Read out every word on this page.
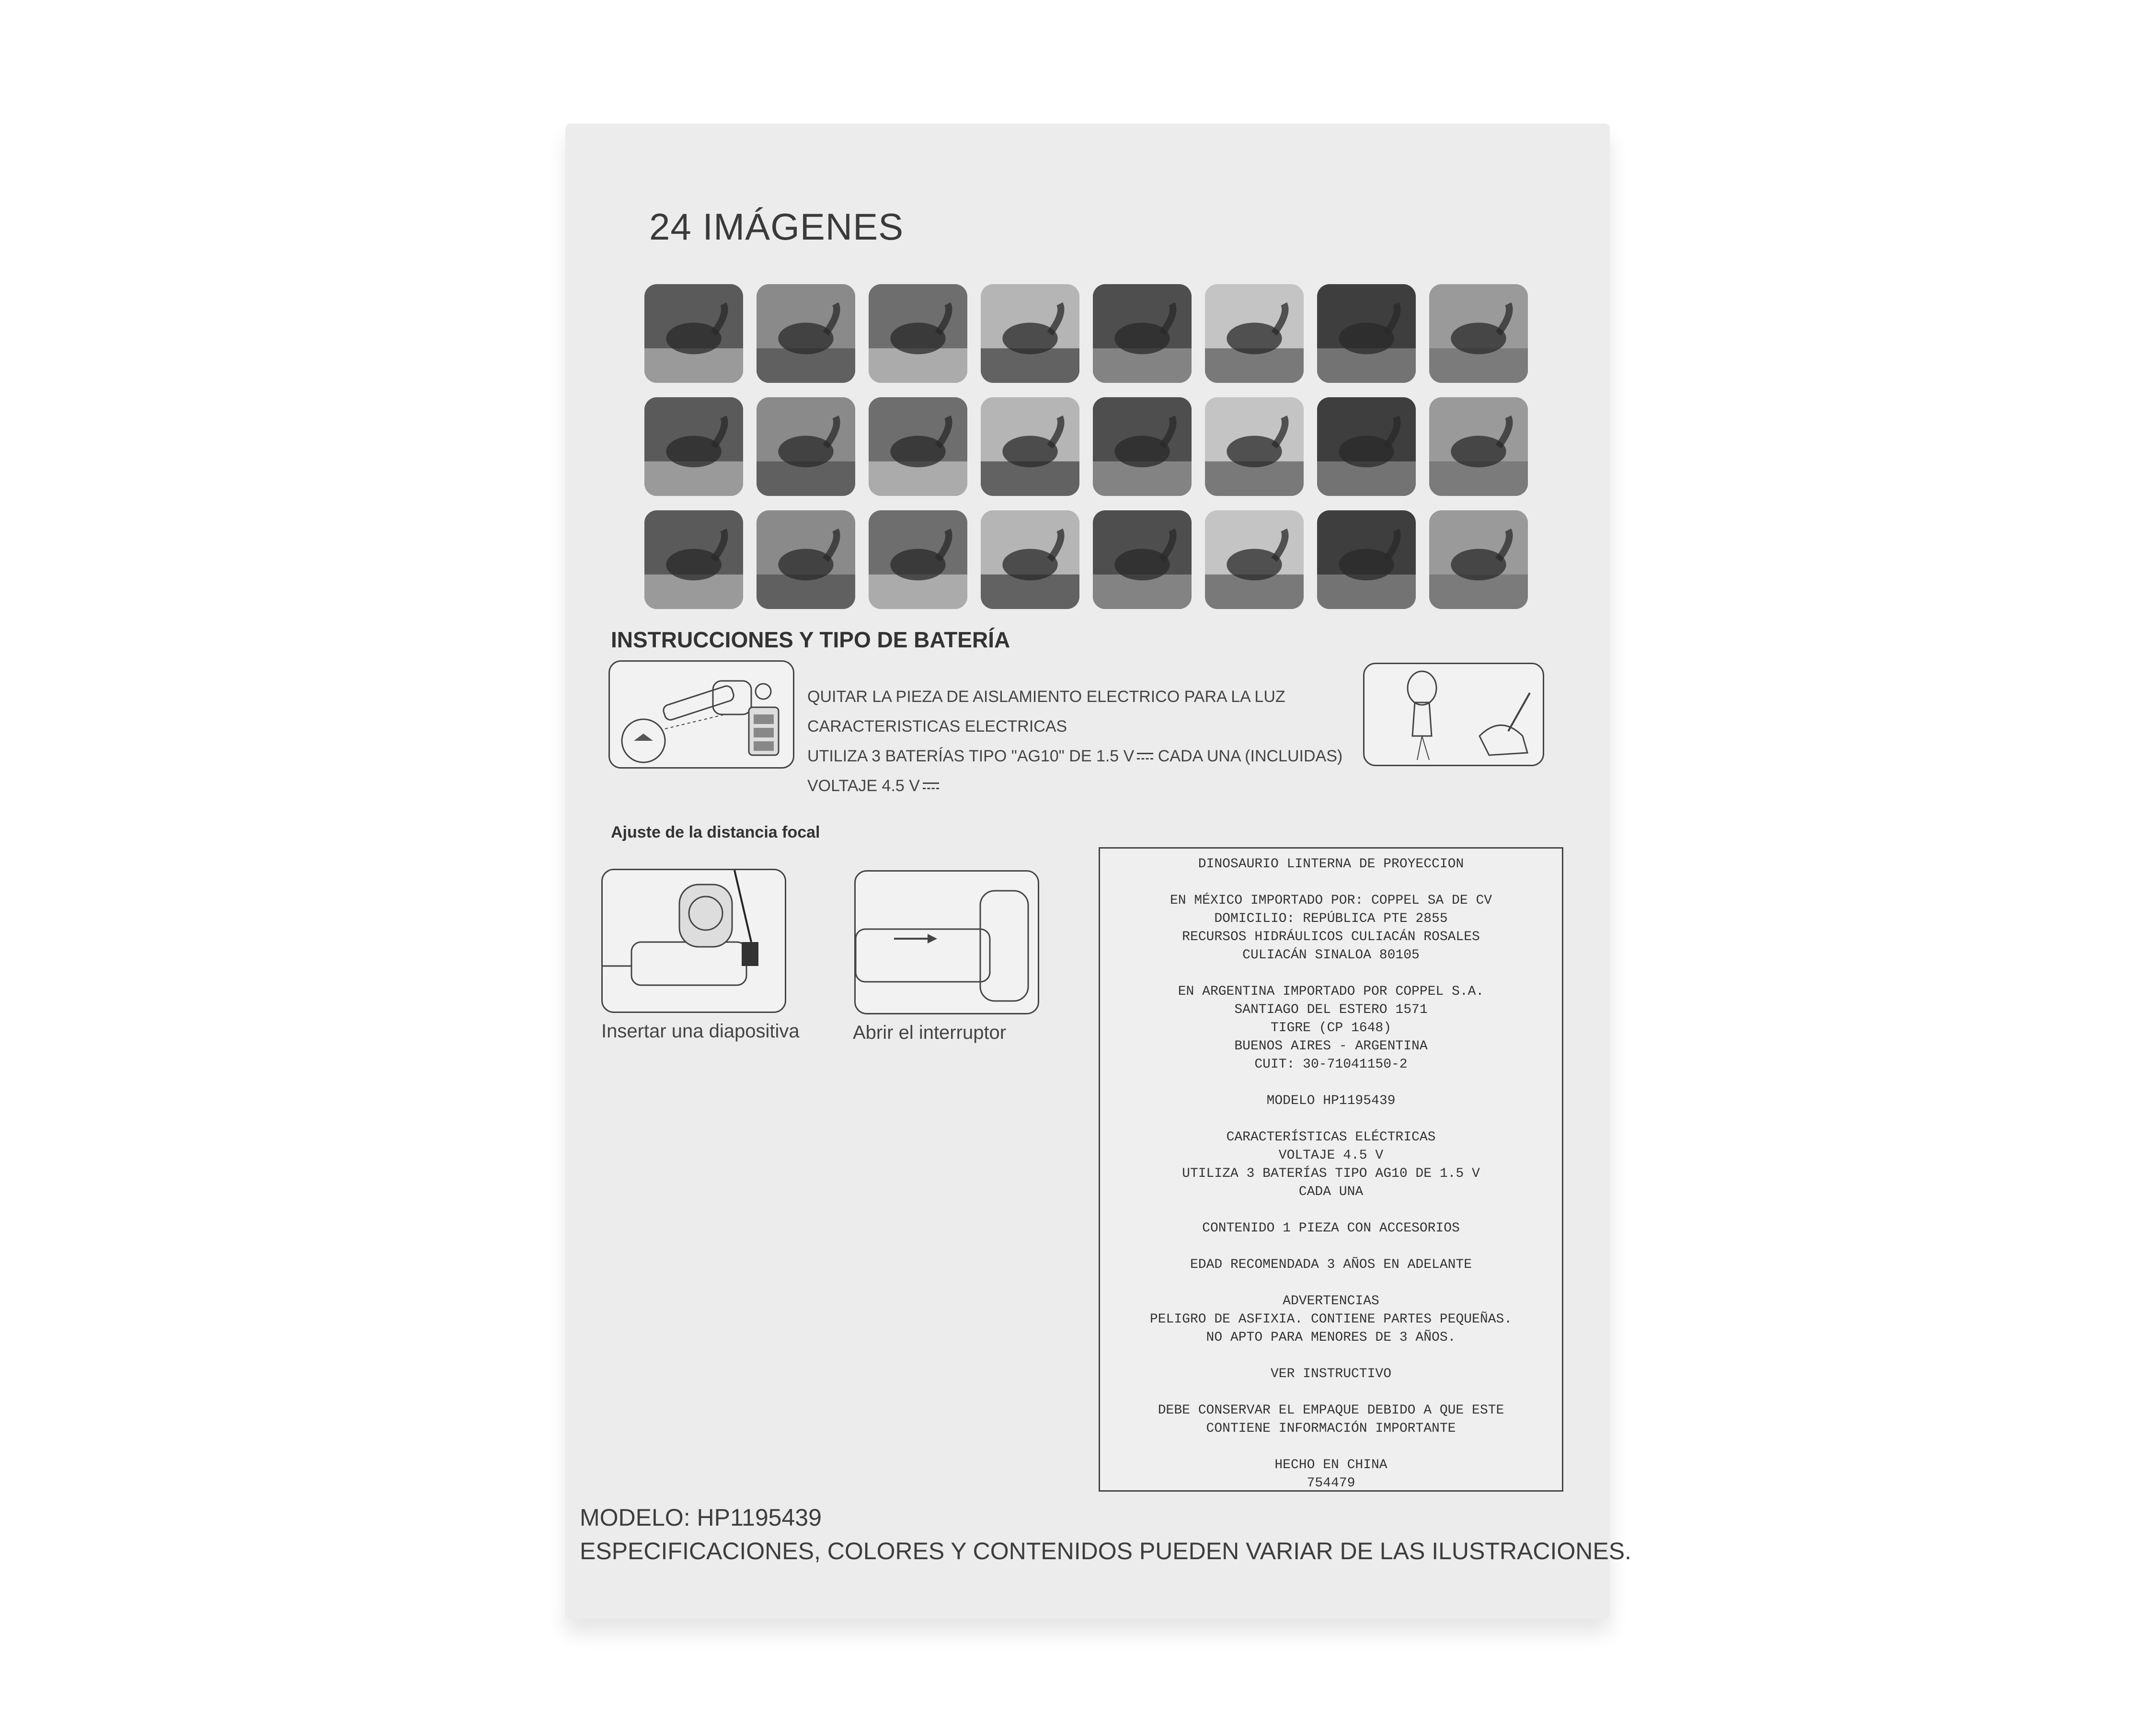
24 IMÁGENES
INSTRUCCIONES Y TIPO DE BATERÍA
QUITAR LA PIEZA DE AISLAMIENTO ELECTRICO PARA LA LUZ
CARACTERISTICAS ELECTRICAS
UTILIZA 3 BATERÍAS TIPO "AG10" DE 1.5 V CADA UNA (INCLUIDAS)
VOLTAJE 4.5 V
Ajuste de la distancia focal
Insertar una diapositiva	Abrir el interruptor
DINOSAURIO LINTERNA DE PROYECCION
EN MÉXICO IMPORTADO POR: COPPEL SA DE CV
DOMICILIO: REPÚBLICA PTE 2855
RECURSOS HIDRÁULICOS CULIACÁN ROSALES
CULIACÁN SINALOA 80105
EN ARGENTINA IMPORTADO POR COPPEL S.A.
SANTIAGO DEL ESTERO 1571
TIGRE (CP 1648)
BUENOS AIRES - ARGENTINA
CUIT: 30-71041150-2
MODELO HP1195439
CARACTERÍSTICAS ELÉCTRICAS
VOLTAJE 4.5 V
UTILIZA 3 BATERÍAS TIPO AG10 DE 1.5 V
CADA UNA
CONTENIDO 1 PIEZA CON ACCESORIOS
EDAD RECOMENDADA 3 AÑOS EN ADELANTE
ADVERTENCIAS
PELIGRO DE ASFIXIA. CONTIENE PARTES PEQUEÑAS.
NO APTO PARA MENORES DE 3 AÑOS.
VER INSTRUCTIVO
DEBE CONSERVAR EL EMPAQUE DEBIDO A QUE ESTE
CONTIENE INFORMACIÓN IMPORTANTE
HECHO EN CHINA
754479
MODELO: HP1195439
ESPECIFICACIONES, COLORES Y CONTENIDOS PUEDEN VARIAR DE LAS ILUSTRACIONES.
